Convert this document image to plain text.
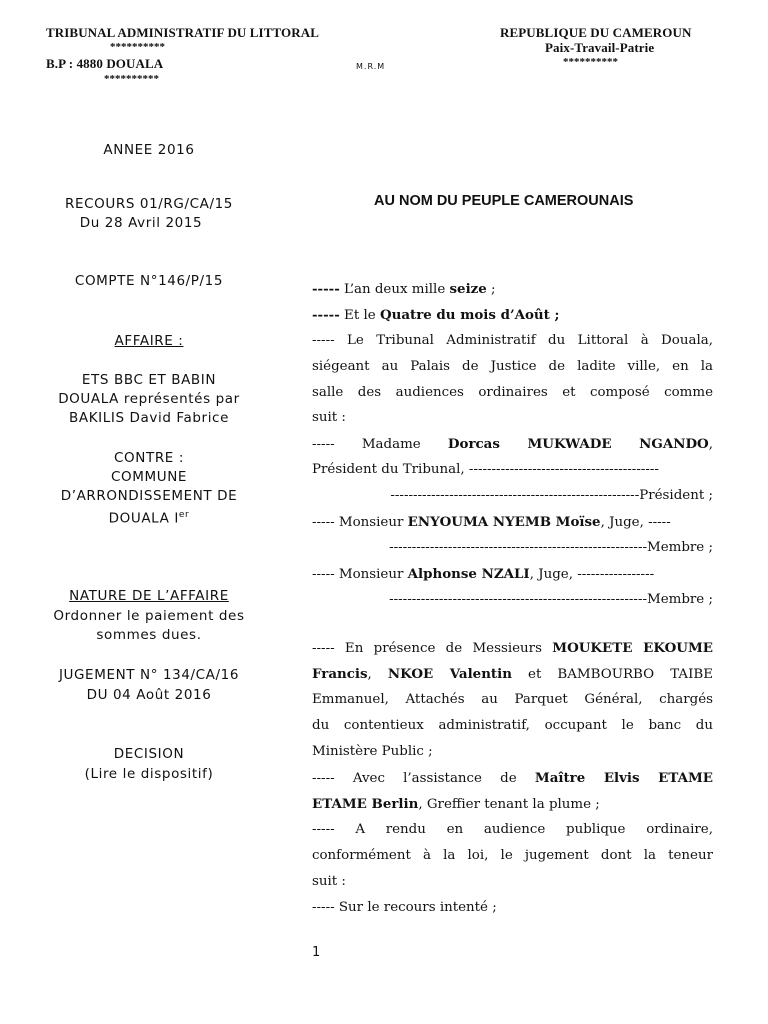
TRIBUNAL ADMINISTRATIF DU LITTORAL
**********
B.P : 4880 DOUALA	M.R.M
**********
REPUBLIQUE DU CAMEROUN
Paix-Travail-Patrie
**********
ANNEE 2016
RECOURS 01/RG/CA/15
Du 28 Avril 2015
COMPTE N°146/P/15
AFFAIRE :
ETS BBC ET BABIN
DOUALA représentés par
BAKILIS David Fabrice
CONTRE :
COMMUNE
D’ARRONDISSEMENT DE
DOUALA Ier
NATURE DE L’AFFAIRE
Ordonner le paiement des
sommes dues.
JUGEMENT N° 134/CA/16
DU 04 Août 2016
DECISION
(Lire le dispositif)
AU NOM DU PEUPLE CAMEROUNAIS
----- L’an deux mille seize ;
----- Et le Quatre du mois d’Août ;
----- Le Tribunal Administratif du Littoral à Douala,
siégeant au Palais de Justice de ladite ville, en la
salle des audiences ordinaires et composé comme
suit :
----- Madame Dorcas MUKWADE NGANDO,
Président du Tribunal, ------------------------------------------
-------------------------------------------------------Président ;
----- Monsieur ENYOUMA NYEMB Moïse, Juge, -----
---------------------------------------------------------Membre ;
----- Monsieur Alphonse NZALI, Juge, -----------------
---------------------------------------------------------Membre ;
----- En présence de Messieurs MOUKETE EKOUME
Francis, NKOE Valentin et BAMBOURBO TAIBE
Emmanuel, Attachés au Parquet Général, chargés
du contentieux administratif, occupant le banc du
Ministère Public ;
----- Avec l’assistance de Maître Elvis ETAME
ETAME Berlin, Greffier tenant la plume ;
----- A rendu en audience publique ordinaire,
conformément à la loi, le jugement dont la teneur
suit :
----- Sur le recours intenté ;
1
